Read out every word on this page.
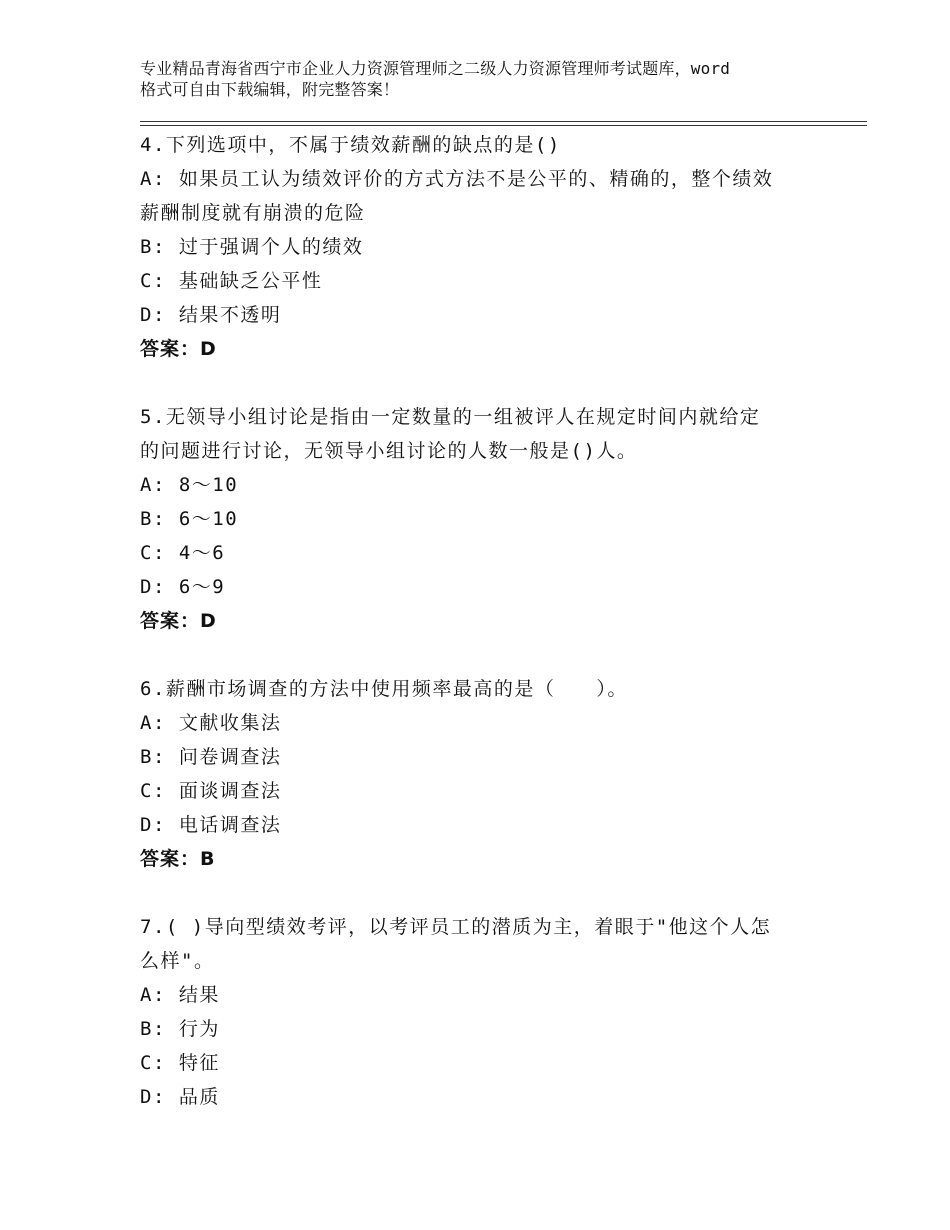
专业精品青海省西宁市企业人力资源管理师之二级人力资源管理师考试题库，word
格式可自由下载编辑，附完整答案！
4.下列选项中，不属于绩效薪酬的缺点的是()
A: 如果员工认为绩效评价的方式方法不是公平的、精确的，整个绩效
薪酬制度就有崩溃的危险
B: 过于强调个人的绩效
C: 基础缺乏公平性
D: 结果不透明
答案：D
5.无领导小组讨论是指由一定数量的一组被评人在规定时间内就给定
的问题进行讨论，无领导小组讨论的人数一般是()人。
A: 8～10
B: 6～10
C: 4～6
D: 6～9
答案：D
6.薪酬市场调查的方法中使用频率最高的是（　　）。
A: 文献收集法
B: 问卷调查法
C: 面谈调查法
D: 电话调查法
答案：B
7.( )导向型绩效考评，以考评员工的潜质为主，着眼于"他这个人怎
么样"。
A: 结果
B: 行为
C: 特征
D: 品质
